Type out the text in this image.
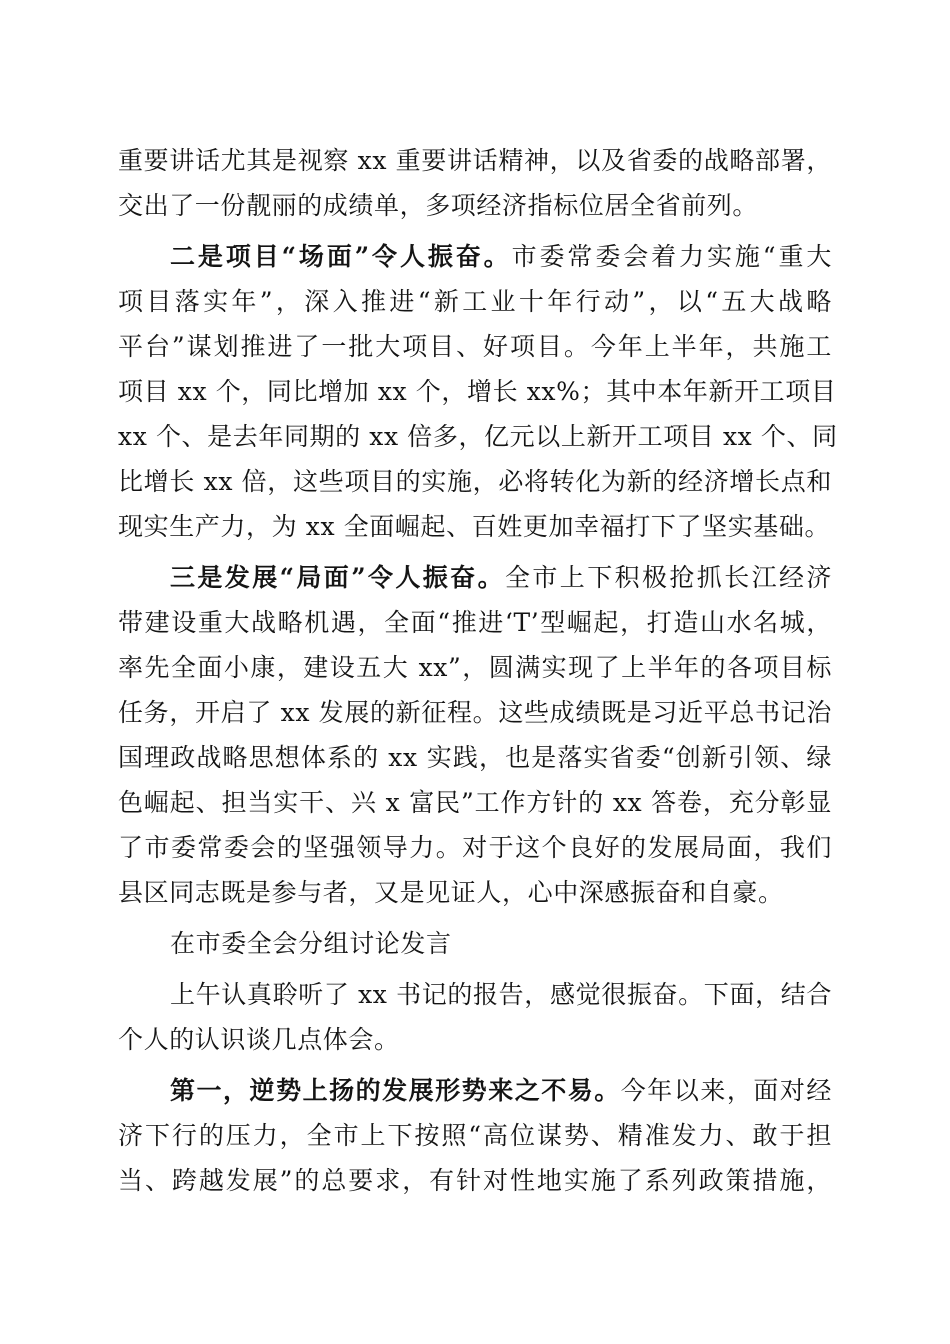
重要讲话尤其是视察 xx 重要讲话精神，以及省委的战略部署，
交出了一份靓丽的成绩单，多项经济指标位居全省前列。
二是项目“场面”令人振奋。市委常委会着力实施“重大
项目落实年”，深入推进“新工业十年行动”，以“五大战略
平台”谋划推进了一批大项目、好项目。今年上半年，共施工
项目 xx 个，同比增加 xx 个，增长 xx%；其中本年新开工项目
xx 个、是去年同期的 xx 倍多，亿元以上新开工项目 xx 个、同
比增长 xx 倍，这些项目的实施，必将转化为新的经济增长点和
现实生产力，为 xx 全面崛起、百姓更加幸福打下了坚实基础。
三是发展“局面”令人振奋。全市上下积极抢抓长江经济
带建设重大战略机遇，全面“推进‘T’型崛起，打造山水名城，
率先全面小康，建设五大 xx”，圆满实现了上半年的各项目标
任务，开启了 xx 发展的新征程。这些成绩既是习近平总书记治
国理政战略思想体系的 xx 实践，也是落实省委“创新引领、绿
色崛起、担当实干、兴 x 富民”工作方针的 xx 答卷，充分彰显
了市委常委会的坚强领导力。对于这个良好的发展局面，我们
县区同志既是参与者，又是见证人，心中深感振奋和自豪。
在市委全会分组讨论发言
上午认真聆听了 xx 书记的报告，感觉很振奋。下面，结合
个人的认识谈几点体会。
第一，逆势上扬的发展形势来之不易。今年以来，面对经
济下行的压力，全市上下按照“高位谋势、精准发力、敢于担
当、跨越发展”的总要求，有针对性地实施了系列政策措施，
